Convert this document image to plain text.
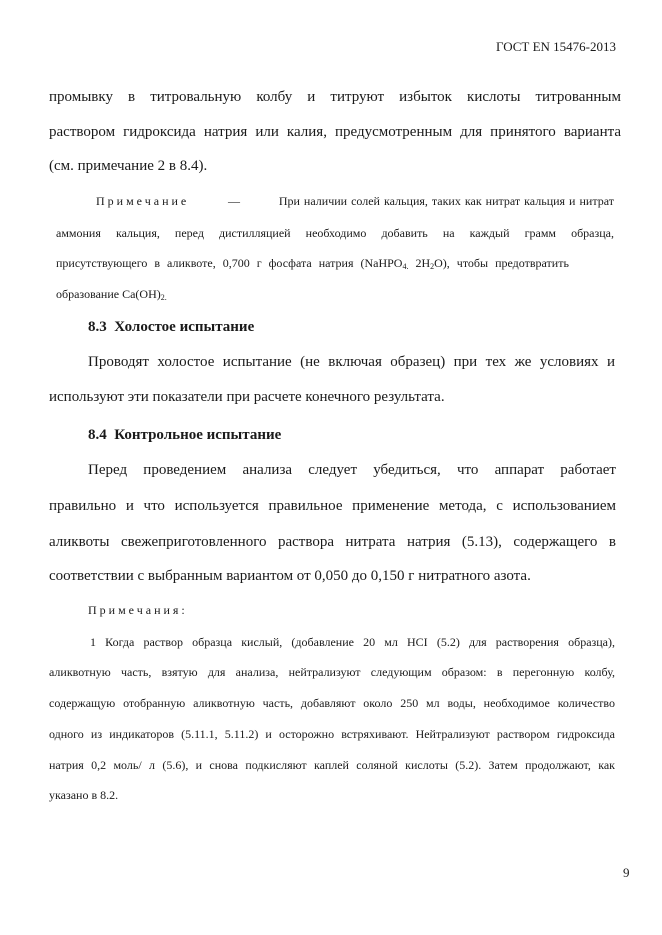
ГОСТ EN 15476-2013
промывку в титровальную колбу и титруют избыток кислоты титрованным
раствором гидроксида натрия или калия, предусмотренным для принятого варианта
(см. примечание 2 в 8.4).
Примечание	—	При наличии солей кальция, таких как нитрат кальция и нитрат
аммония кальция, перед дистилляцией необходимо добавить на каждый грамм образца,
присутствующего в аликвоте, 0,700 г фосфата натрия (NaHPO$_{4.}$ $2H_2O$), чтобы предотвратить
образование $Ca(OH)_{2.}$
8.3 Холостое испытание
Проводят холостое испытание (не включая образец) при тех же условиях и
используют эти показатели при расчете конечного результата.
8.4 Контрольное испытание
Перед проведением анализа следует убедиться, что аппарат работает
правильно и что используется правильное применение метода, с использованием
аликвоты свежеприготовленного раствора нитрата натрия (5.13), содержащего в
соответствии с выбранным вариантом от 0,050 до 0,150 г нитратного азота.
Примечания:
1 Когда раствор образца кислый, (добавление 20 мл HCI (5.2) для растворения образца),
аликвотную часть, взятую для анализа, нейтрализуют следующим образом: в перегонную колбу,
содержащую отобранную аликвотную часть, добавляют около 250 мл воды, необходимое количество
одного из индикаторов (5.11.1, 5.11.2) и осторожно встряхивают. Нейтрализуют раствором гидроксида
натрия 0,2 моль/ л (5.6), и снова подкисляют каплей соляной кислоты (5.2). Затем продолжают, как
указано в 8.2.
9
